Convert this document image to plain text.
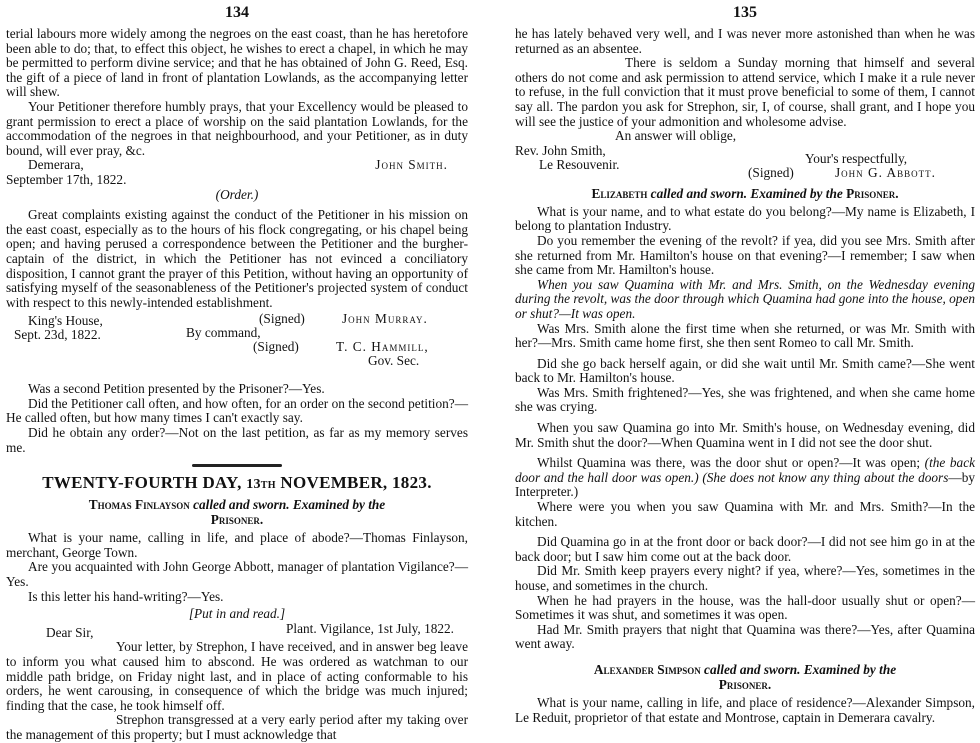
134

terial labours more widely among the negroes on the east coast, than he has heretofore been able to do; that, to effect this object, he wishes to erect a chapel, in which he may be permitted to perform divine service; and that he has obtained of John G. Reed, Esq. the gift of a piece of land in front of plantation Lowlands, as the accompanying letter will shew.

Your Petitioner therefore humbly prays, that your Excellency would be pleased to grant permission to erect a place of worship on the said plantation Lowlands, for the accommodation of the negroes in that neighbourhood, and your Petitioner, as in duty bound, will ever pray, &c.

Demerara,	John Smith.
September 17th, 1822.
(Order.)

Great complaints existing against the conduct of the Petitioner in his mission on the east coast, especially as to the hours of his flock congregating, or his chapel being open; and having perused a correspondence between the Petitioner and the burgher-captain of the district, in which the Petitioner has not evinced a conciliatory disposition, I cannot grant the prayer of this Petition, without having an opportunity of satisfying myself of the seasonableness of the Petitioner's projected system of conduct with respect to this newly-intended establishment.

King's House,
Sept. 23d, 1822.
(Signed)	John Murray.
By command,
(Signed)	T. C. Hammill,
Gov. Sec.

Was a second Petition presented by the Prisoner?—Yes.

Did the Petitioner call often, and how often, for an order on the second petition?—He called often, but how many times I can't exactly say.

Did he obtain any order?—Not on the last petition, as far as my memory serves me.

TWENTY-FOURTH DAY, 13th NOVEMBER, 1823.
Thomas Finlayson called and sworn. Examined by the
Prisoner.

What is your name, calling in life, and place of abode?—Thomas Finlayson, merchant, George Town.

Are you acquainted with John George Abbott, manager of plantation Vigilance?—Yes.

Is this letter his hand-writing?—Yes.

[Put in and read.]
Dear Sir,	Plant. Vigilance, 1st July, 1822.

Your letter, by Strephon, I have received, and in answer beg leave to inform you what caused him to abscond. He was ordered as watchman to our middle path bridge, on Friday night last, and in place of acting conformable to his orders, he went carousing, in consequence of which the bridge was much injured; finding that the case, he took himself off.

Strephon transgressed at a very early period after my taking over the management of this property; but I must acknowledge that

135

he has lately behaved very well, and I was never more astonished than when he was returned as an absentee.

There is seldom a Sunday morning that himself and several others do not come and ask permission to attend service, which I make it a rule never to refuse, in the full conviction that it must prove beneficial to some of them, I cannot say all. The pardon you ask for Strephon, sir, I, of course, shall grant, and I hope you will see the justice of your admonition and wholesome advise.

An answer will oblige,
Rev. John Smith,
Le Resouvenir.	Your's respectfully,
(Signed)	John G. Abbott.
Elizabeth called and sworn. Examined by the Prisoner.

What is your name, and to what estate do you belong?—My name is Elizabeth, I belong to plantation Industry.

Do you remember the evening of the revolt? if yea, did you see Mrs. Smith after she returned from Mr. Hamilton's house on that evening?—I remember; I saw when she came from Mr. Hamilton's house.

When you saw Quamina with Mr. and Mrs. Smith, on the Wednesday evening during the revolt, was the door through which Quamina had gone into the house, open or shut?—It was open.

Was Mrs. Smith alone the first time when she returned, or was Mr. Smith with her?—Mrs. Smith came home first, she then sent Romeo to call Mr. Smith.

Did she go back herself again, or did she wait until Mr. Smith came?—She went back to Mr. Hamilton's house.

Was Mrs. Smith frightened?—Yes, she was frightened, and when she came home she was crying.

When you saw Quamina go into Mr. Smith's house, on Wednesday evening, did Mr. Smith shut the door?—When Quamina went in I did not see the door shut.

Whilst Quamina was there, was the door shut or open?—It was open; (the back door and the hall door was open.) (She does not know any thing about the doors—by Interpreter.)

Where were you when you saw Quamina with Mr. and Mrs. Smith?—In the kitchen.

Did Quamina go in at the front door or back door?—I did not see him go in at the back door; but I saw him come out at the back door.

Did Mr. Smith keep prayers every night? if yea, where?—Yes, sometimes in the house, and sometimes in the church.

When he had prayers in the house, was the hall-door usually shut or open?—Sometimes it was shut, and sometimes it was open.

Had Mr. Smith prayers that night that Quamina was there?—Yes, after Quamina went away.

Alexander Simpson called and sworn. Examined by the
Prisoner.

What is your name, calling in life, and place of residence?—Alexander Simpson, Le Reduit, proprietor of that estate and Montrose, captain in Demerara cavalry.
